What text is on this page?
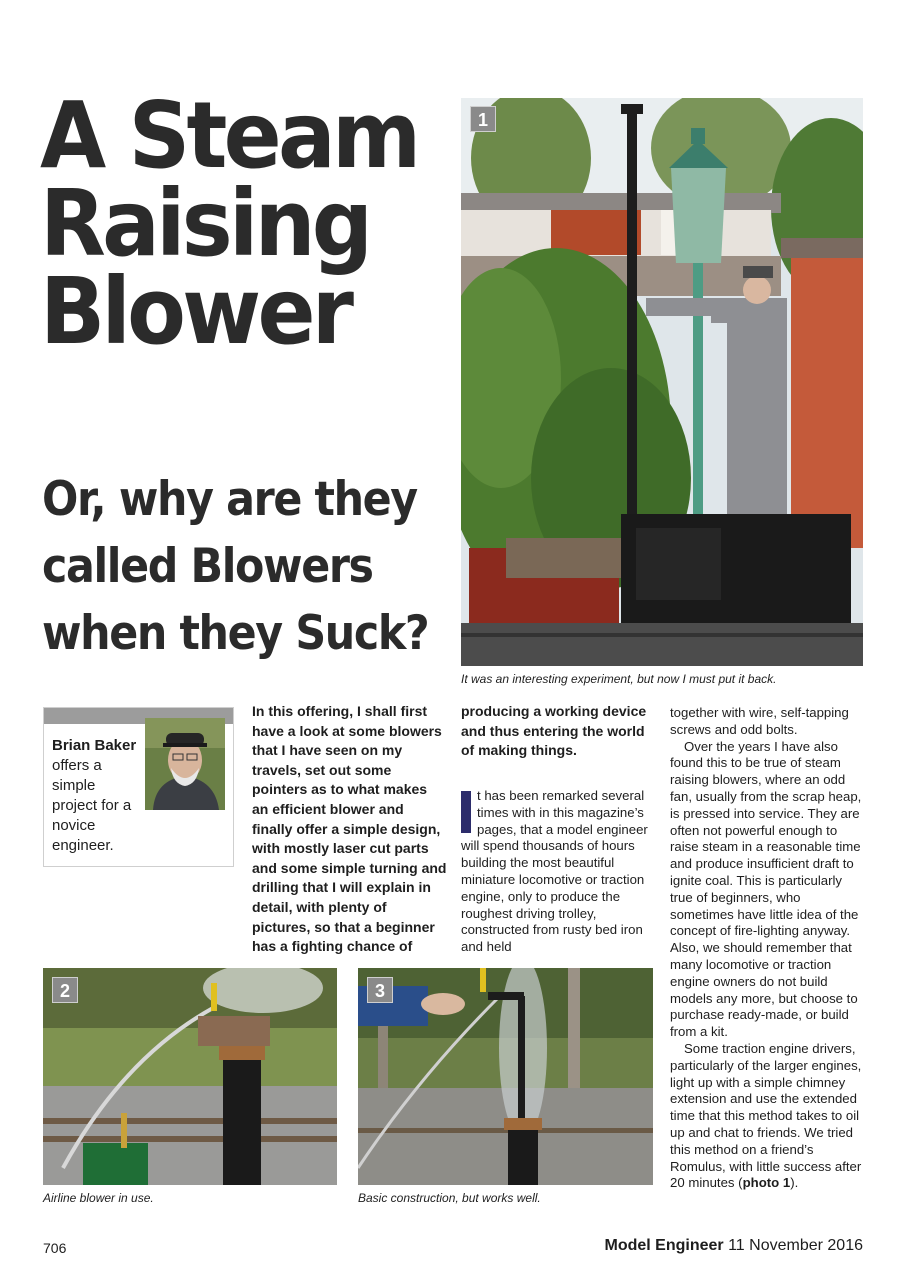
A Steam
Raising
Blower
Or, why are they
called Blowers
when they Suck?
1
It was an interesting experiment, but now I must put it back.
Brian Baker
offers a simple project for a novice engineer.
In this offering, I shall first have a look at some blowers that I have seen on my travels, set out some pointers as to what makes an efficient blower and finally offer a simple design, with mostly laser cut parts and some simple turning and drilling that I will explain in detail, with plenty of pictures, so that a beginner has a fighting chance of
producing a working device and thus entering the world of making things.
t has been remarked several times with in this magazine’s pages, that a model engineer will spend thousands of hours building the most beautiful miniature locomotive or traction engine, only to produce the roughest driving trolley, constructed from rusty bed iron and held

together with wire, self-tapping screws and odd bolts.

Over the years I have also found this to be true of steam raising blowers, where an odd fan, usually from the scrap heap, is pressed into service. They are often not powerful enough to raise steam in a reasonable time and produce insufficient draft to ignite coal. This is particularly true of beginners, who sometimes have little idea of the concept of fire-lighting anyway. Also, we should remember that many locomotive or traction engine owners do not build models any more, but choose to purchase ready-made, or build from a kit.

Some traction engine drivers, particularly of the larger engines, light up with a simple chimney extension and use the extended time that this method takes to oil up and chat to friends. We tried this method on a friend’s Romulus, with little success after 20 minutes (photo 1).

2
Airline blower in use.
3
Basic construction, but works well.
706	Model Engineer 11 November 2016
